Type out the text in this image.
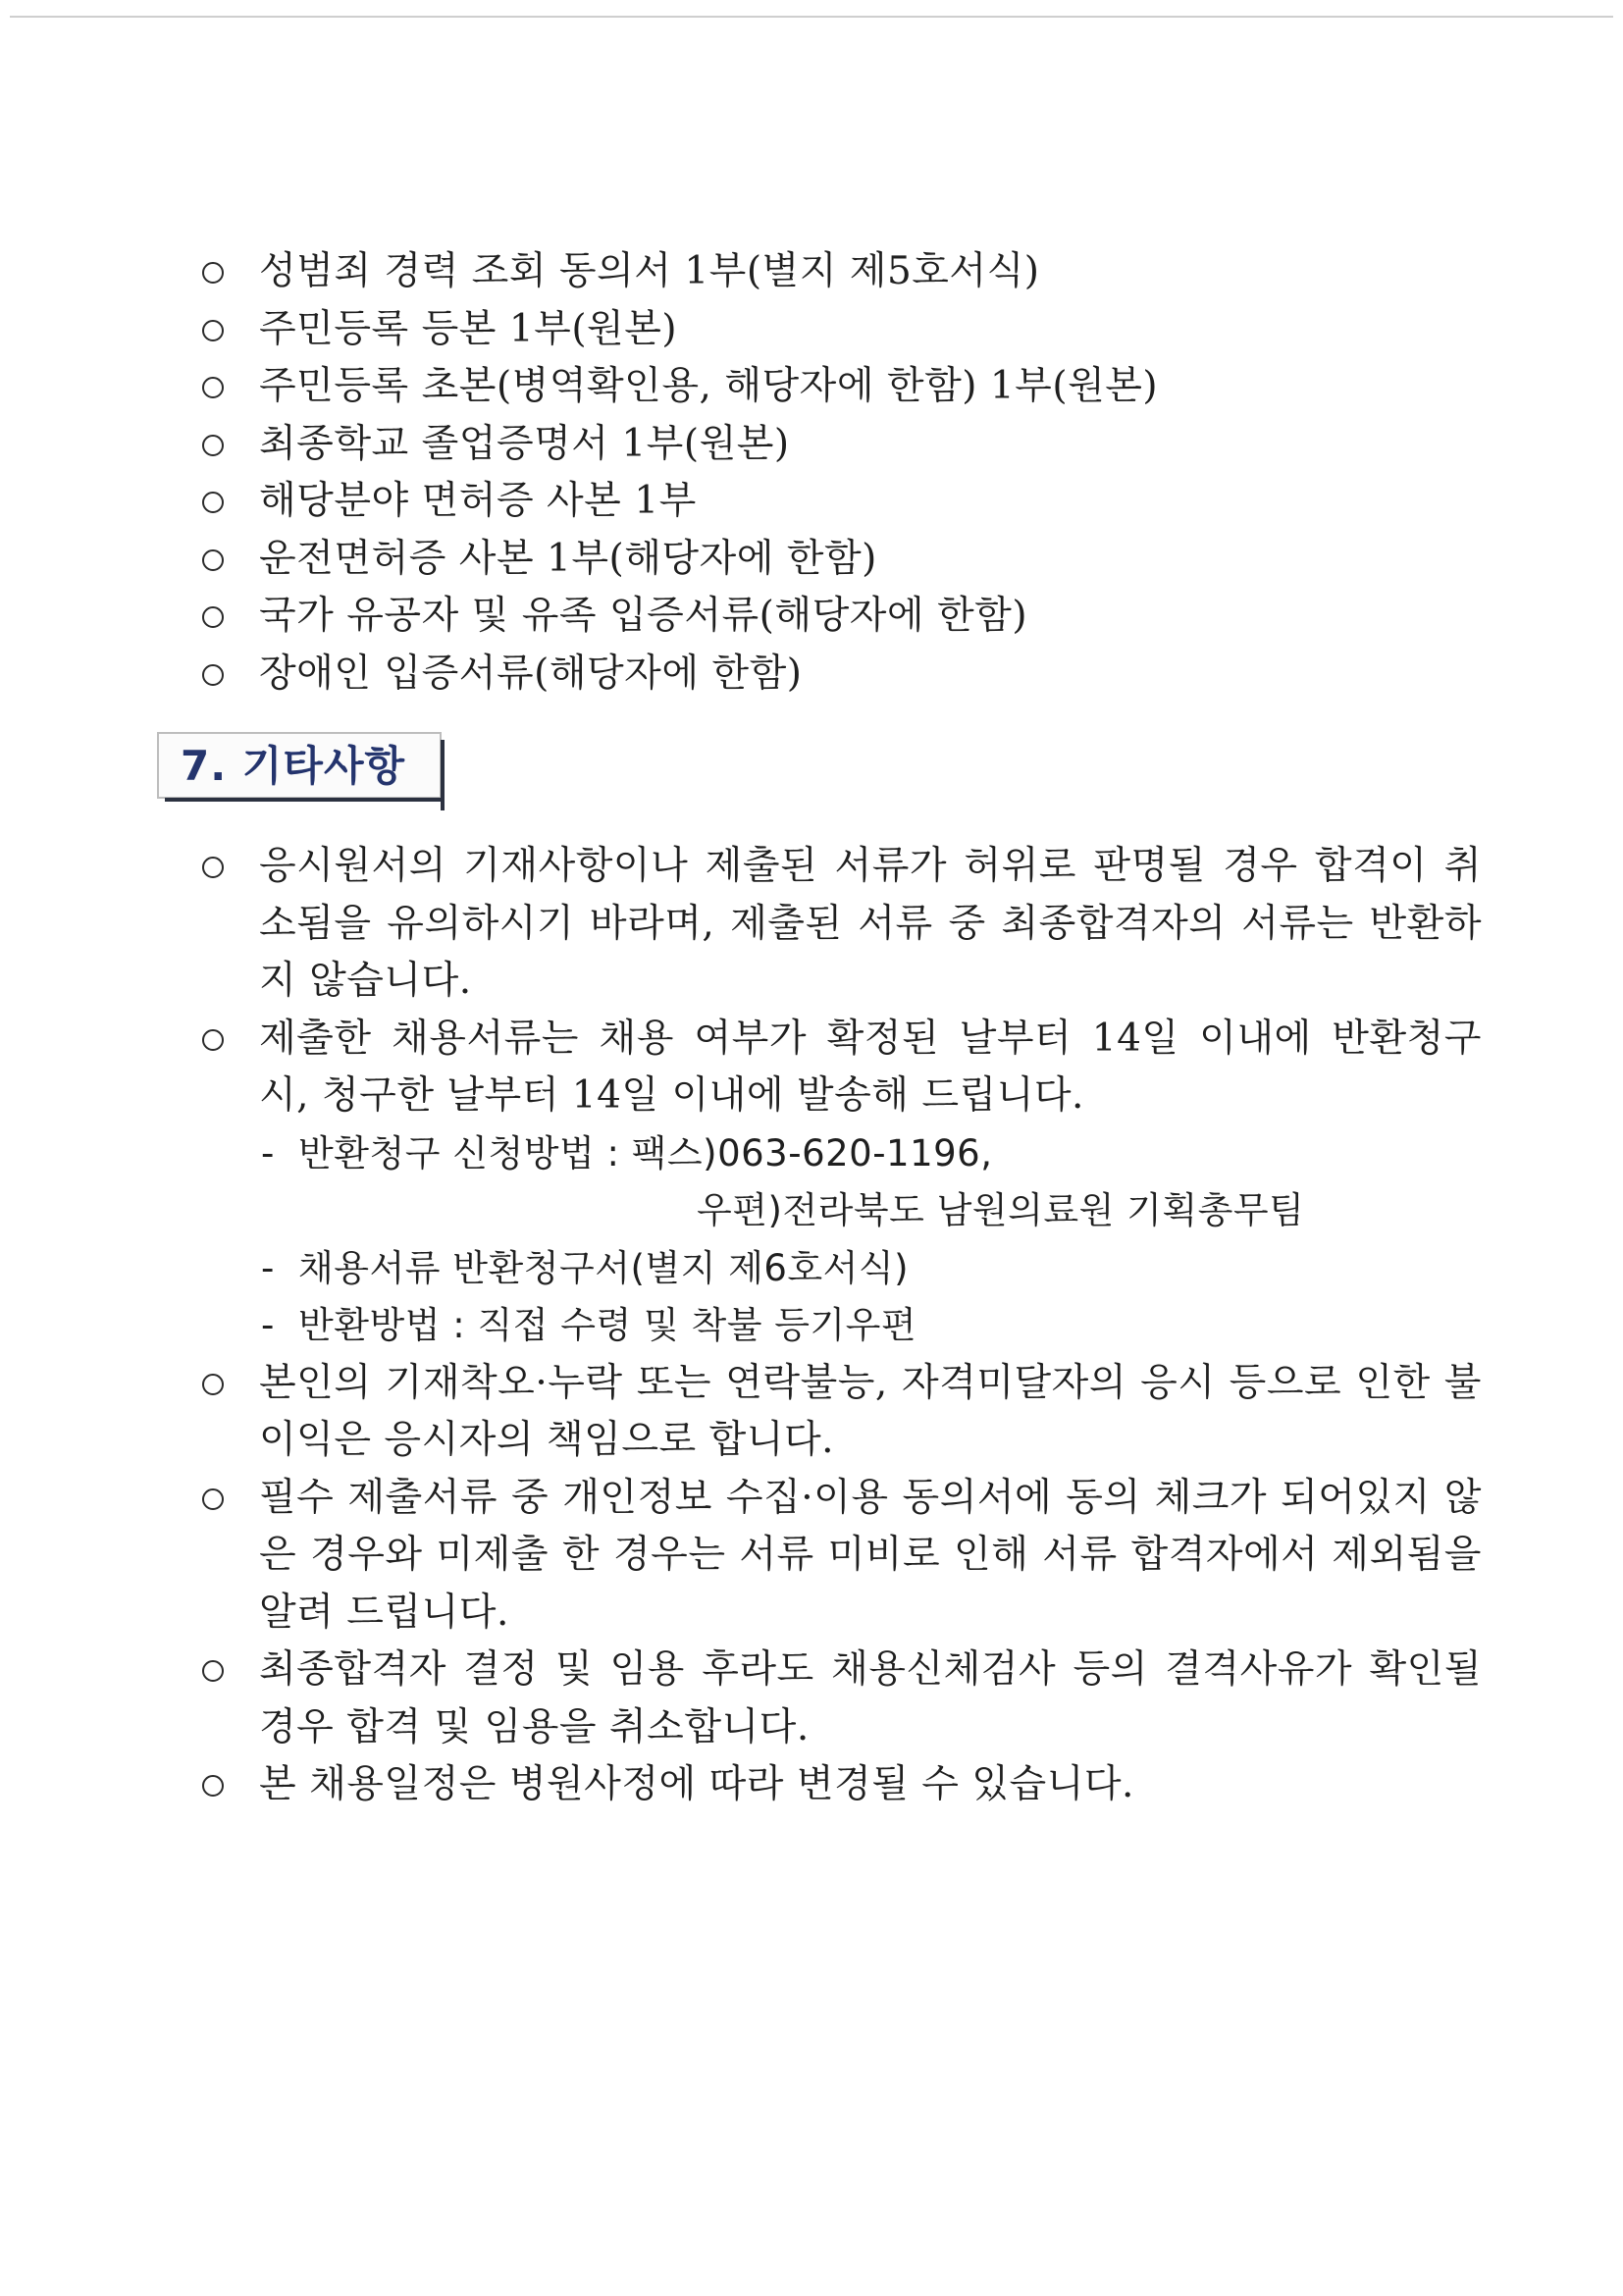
성범죄 경력 조회 동의서 1부(별지 제5호서식)
주민등록 등본 1부(원본)
주민등록 초본(병역확인용, 해당자에 한함) 1부(원본)
최종학교 졸업증명서 1부(원본)
해당분야 면허증 사본 1부
운전면허증 사본 1부(해당자에 한함)
국가 유공자 및 유족 입증서류(해당자에 한함)
장애인 입증서류(해당자에 한함)
7. 기타사항
응시원서의 기재사항이나 제출된 서류가 허위로 판명될 경우 합격이 취소됨을 유의하시기 바라며, 제출된 서류 중 최종합격자의 서류는 반환하지 않습니다.
제출한 채용서류는 채용 여부가 확정된 날부터 14일 이내에 반환청구 시, 청구한 날부터 14일 이내에 발송해 드립니다.
- 반환청구 신청방법 : 팩스)063-620-1196,
우편)전라북도 남원의료원 기획총무팀
- 채용서류 반환청구서(별지 제6호서식)
- 반환방법 : 직접 수령 및 착불 등기우편
본인의 기재착오·누락 또는 연락불능, 자격미달자의 응시 등으로 인한 불이익은 응시자의 책임으로 합니다.
필수 제출서류 중 개인정보 수집·이용 동의서에 동의 체크가 되어있지 않은 경우와 미제출 한 경우는 서류 미비로 인해 서류 합격자에서 제외됨을 알려 드립니다.
최종합격자 결정 및 임용 후라도 채용신체검사 등의 결격사유가 확인될 경우 합격 및 임용을 취소합니다.
본 채용일정은 병원사정에 따라 변경될 수 있습니다.
